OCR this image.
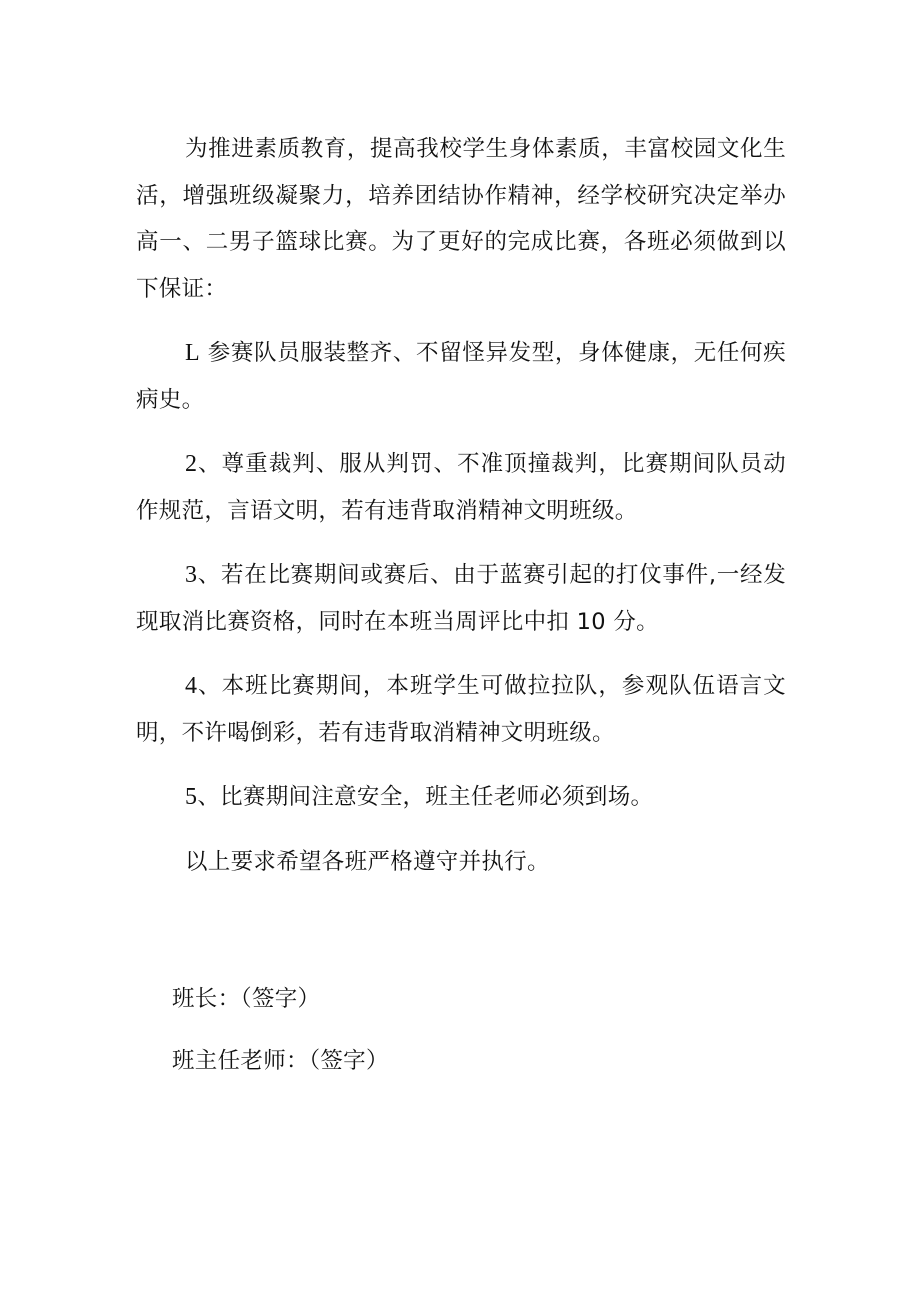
为推进素质教育，提高我校学生身体素质，丰富校园文化生活，增强班级凝聚力，培养团结协作精神，经学校研究决定举办高一、二男子篮球比赛。为了更好的完成比赛，各班必须做到以下保证：

L 参赛队员服装整齐、不留怪异发型，身体健康，无任何疾病史。

2、尊重裁判、服从判罚、不准顶撞裁判，比赛期间队员动作规范，言语文明，若有违背取消精神文明班级。

3、若在比赛期间或赛后、由于蓝赛引起的打伩事件,一经发现取消比赛资格，同时在本班当周评比中扣 10 分。

4、本班比赛期间，本班学生可做拉拉队，参观队伍语言文明，不许喝倒彩，若有违背取消精神文明班级。

5、比赛期间注意安全，班主任老师必须到场。

以上要求希望各班严格遵守并执行。

班长：（签字）

班主任老师：（签字）
